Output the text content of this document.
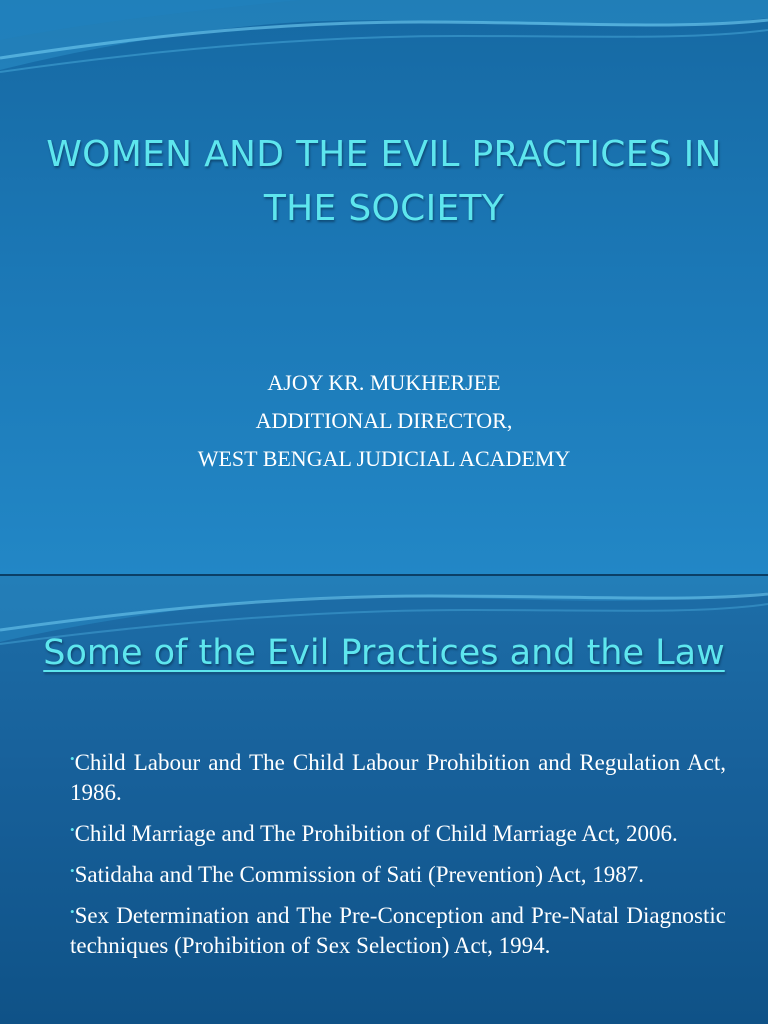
WOMEN AND THE EVIL PRACTICES IN THE SOCIETY
AJOY KR. MUKHERJEE
ADDITIONAL DIRECTOR,
WEST BENGAL JUDICIAL ACADEMY
Some of the Evil Practices and the Law
•Child Labour and The Child Labour Prohibition and Regulation Act, 1986.
•Child Marriage and The Prohibition of Child Marriage Act, 2006.
•Satidaha and The Commission of Sati (Prevention) Act, 1987.
•Sex Determination and The Pre-Conception and Pre-Natal Diagnostic techniques (Prohibition of Sex Selection) Act, 1994.
